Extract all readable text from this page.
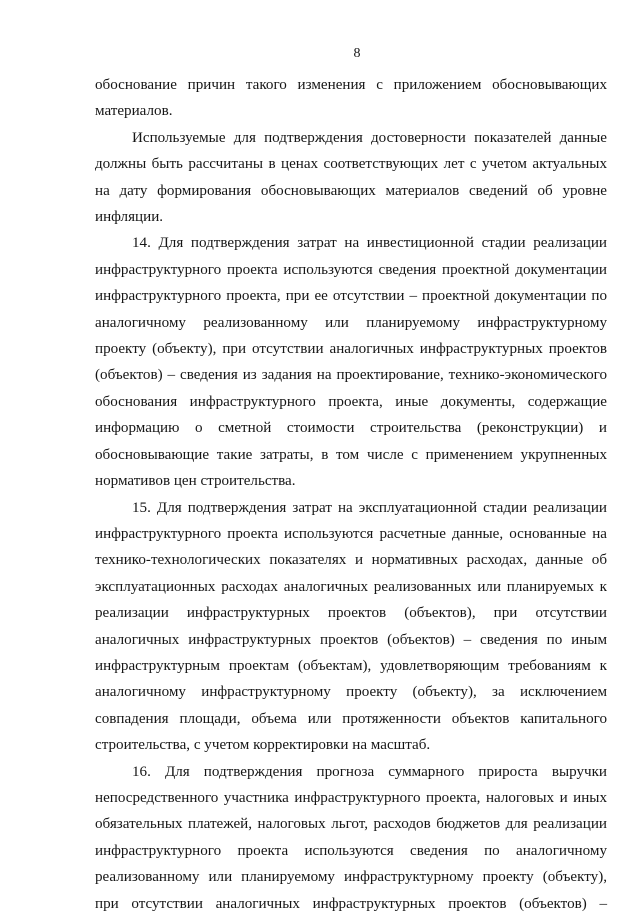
8

обоснование причин такого изменения с приложением обосновывающих материалов.

Используемые для подтверждения достоверности показателей данные должны быть рассчитаны в ценах соответствующих лет с учетом актуальных на дату формирования обосновывающих материалов сведений об уровне инфляции.

14. Для подтверждения затрат на инвестиционной стадии реализации инфраструктурного проекта используются сведения проектной документации инфраструктурного проекта, при ее отсутствии – проектной документации по аналогичному реализованному или планируемому инфраструктурному проекту (объекту), при отсутствии аналогичных инфраструктурных проектов (объектов) – сведения из задания на проектирование, технико-экономического обоснования инфраструктурного проекта, иные документы, содержащие информацию о сметной стоимости строительства (реконструкции) и обосновывающие такие затраты, в том числе с применением укрупненных нормативов цен строительства.

15. Для подтверждения затрат на эксплуатационной стадии реализации инфраструктурного проекта используются расчетные данные, основанные на технико-технологических показателях и нормативных расходах, данные об эксплуатационных расходах аналогичных реализованных или планируемых к реализации инфраструктурных проектов (объектов), при отсутствии аналогичных инфраструктурных проектов (объектов) – сведения по иным инфраструктурным проектам (объектам), удовлетворяющим требованиям к аналогичному инфраструктурному проекту (объекту), за исключением совпадения площади, объема или протяженности объектов капитального строительства, с учетом корректировки на масштаб.

16. Для подтверждения прогноза суммарного прироста выручки непосредственного участника инфраструктурного проекта, налоговых и иных обязательных платежей, налоговых льгот, расходов бюджетов для реализации инфраструктурного проекта используются сведения по аналогичному реализованному или планируемому инфраструктурному проекту (объекту), при отсутствии аналогичных инфраструктурных проектов (объектов) –
